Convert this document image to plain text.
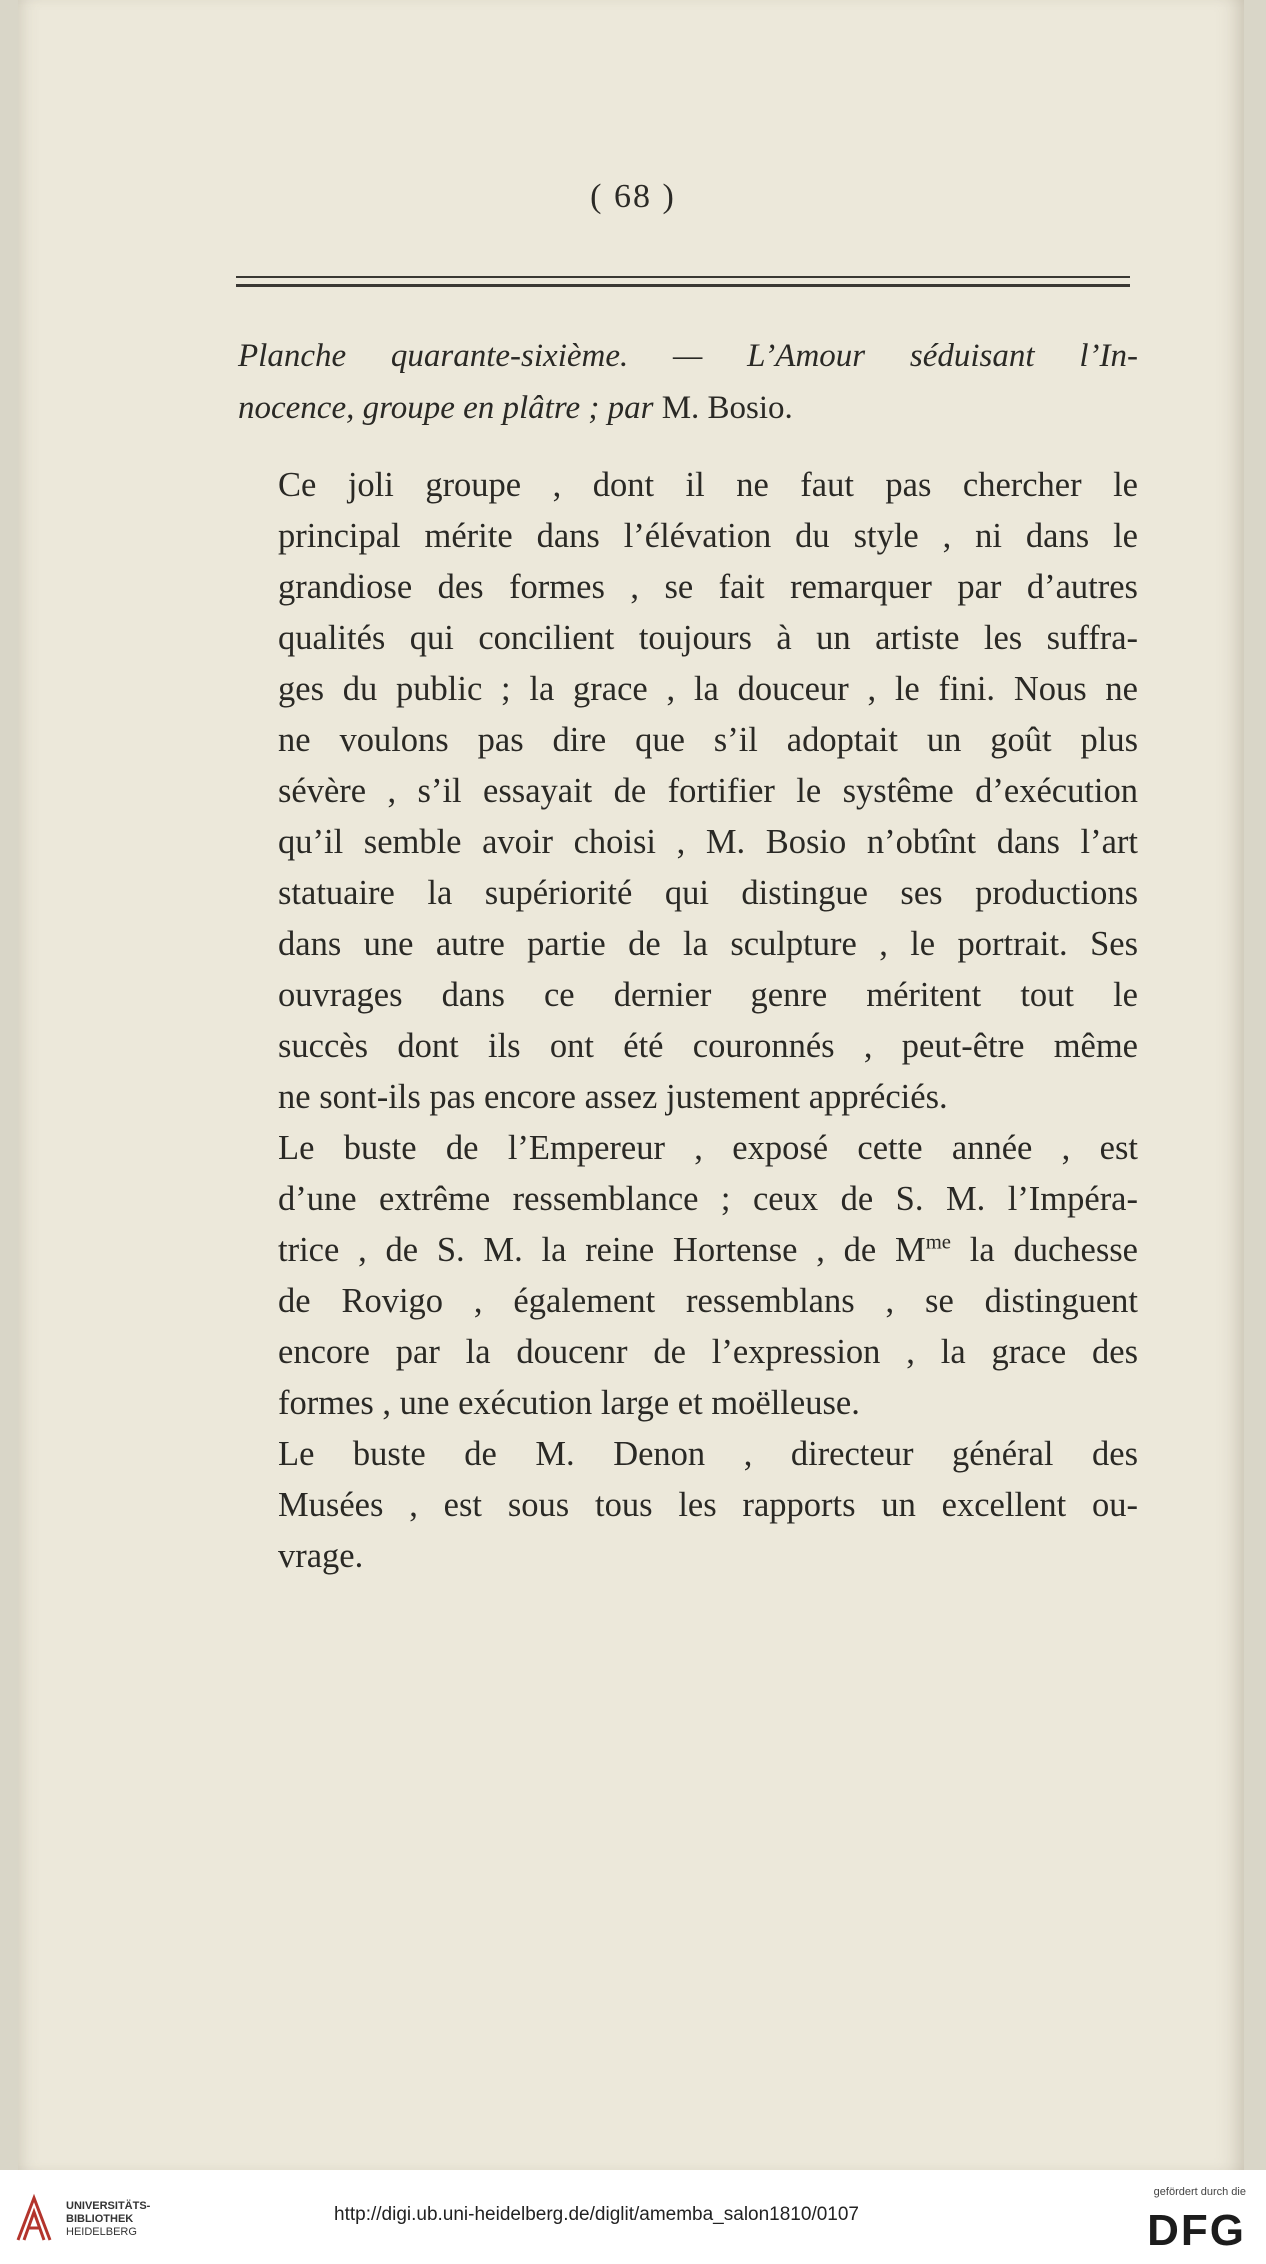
( 68 )
Planche quarante-sixième. — L’Amour séduisant l’In-
nocence, groupe en plâtre ; par M. Bosio.

Ce joli groupe , dont il ne faut pas chercher le
principal mérite dans l’élévation du style , ni dans le
grandiose des formes , se fait remarquer par d’autres
qualités qui concilient toujours à un artiste les suffra-
ges du public ; la grace , la douceur , le fini. Nous ne
ne voulons pas dire que s’il adoptait un goût plus
sévère , s’il essayait de fortifier le systême d’exécution
qu’il semble avoir choisi , M. Bosio n’obtînt dans l’art
statuaire la supériorité qui distingue ses productions
dans une autre partie de la sculpture , le portrait. Ses
ouvrages dans ce dernier genre méritent tout le
succès dont ils ont été couronnés , peut-être même
ne sont-ils pas encore assez justement appréciés.

Le buste de l’Empereur , exposé cette année , est
d’une extrême ressemblance ; ceux de S. M. l’Impéra-
trice , de S. M. la reine Hortense , de $M^{me}$ la duchesse
de Rovigo , également ressemblans , se distinguent
encore par la doucenr de l’expression , la grace des
formes , une exécution large et moëlleuse.

Le buste de M. Denon , directeur général des
Musées , est sous tous les rapports un excellent ou-
vrage.

UNIVERSITÄTS-
BIBLIOTHEK
HEIDELBERG
http://digi.ub.uni-heidelberg.de/diglit/amemba_salon1810/0107
gefördert durch die
DFG
